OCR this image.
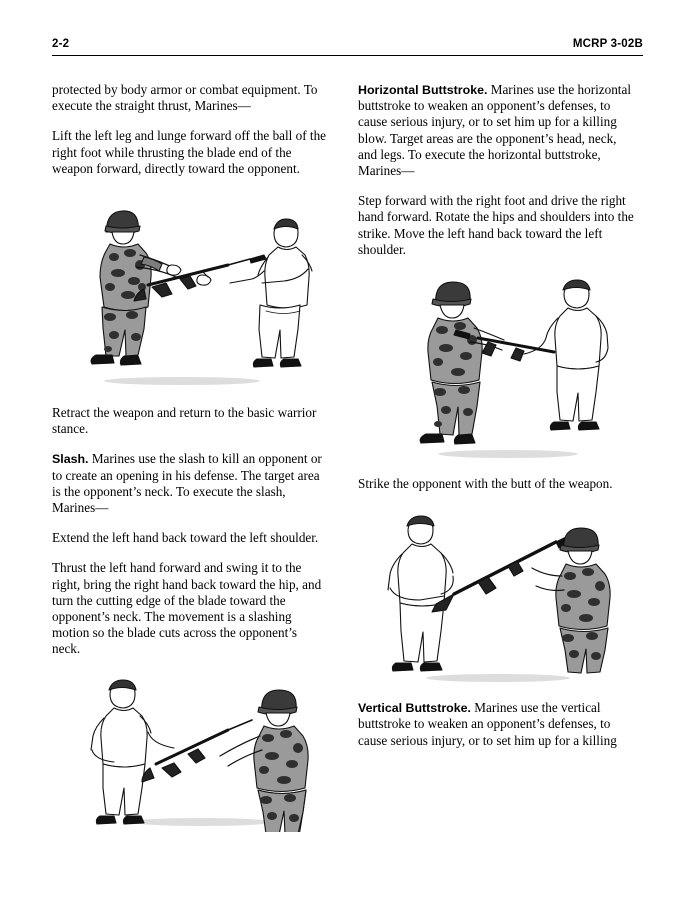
2-2	MCRP 3-02B

protected by body armor or combat equipment. To execute the straight thrust, Marines—

Lift the left leg and lunge forward off the ball of the right foot while thrusting the blade end of the weapon forward, directly toward the opponent.

Retract the weapon and return to the basic warrior stance.

Slash. Marines use the slash to kill an opponent or to create an opening in his defense. The target area is the opponent’s neck. To execute the slash, Marines—

Extend the left hand back toward the left shoulder.

Thrust the left hand forward and swing it to the right, bring the right hand back toward the hip, and turn the cutting edge of the blade toward the opponent’s neck. The movement is a slashing motion so the blade cuts across the opponent’s neck.

Horizontal Buttstroke. Marines use the horizontal buttstroke to weaken an opponent’s defenses, to cause serious injury, or to set him up for a killing blow. Target areas are the opponent’s head, neck, and legs. To execute the horizontal buttstroke, Marines—

Step forward with the right foot and drive the right hand forward. Rotate the hips and shoulders into the strike. Move the left hand back toward the left shoulder.

Strike the opponent with the butt of the weapon.

Vertical Buttstroke. Marines use the vertical buttstroke to weaken an opponent’s defenses, to cause serious injury, or to set him up for a killing
